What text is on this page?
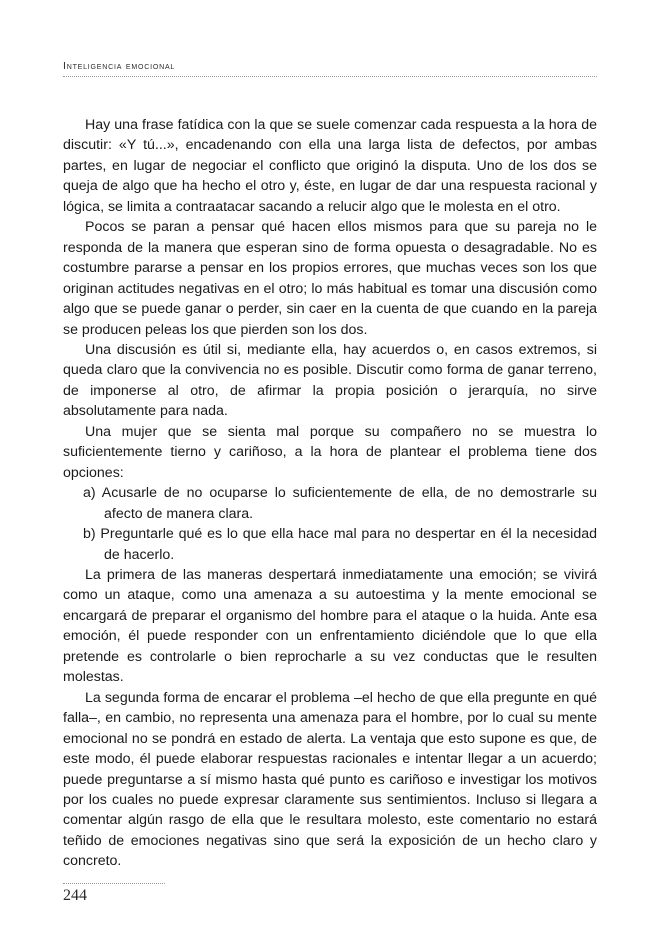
Inteligencia emocional

Hay una frase fatídica con la que se suele comenzar cada respuesta a la hora de discutir: «Y tú...», encadenando con ella una larga lista de defectos, por ambas partes, en lugar de negociar el conflicto que originó la disputa. Uno de los dos se queja de algo que ha hecho el otro y, éste, en lugar de dar una respuesta racional y lógica, se limita a contraatacar sacando a relucir algo que le molesta en el otro.

Pocos se paran a pensar qué hacen ellos mismos para que su pareja no le responda de la manera que esperan sino de forma opuesta o desagradable. No es costumbre pararse a pensar en los propios errores, que muchas veces son los que originan actitudes negativas en el otro; lo más habitual es tomar una discusión como algo que se puede ganar o perder, sin caer en la cuenta de que cuando en la pareja se producen peleas los que pierden son los dos.

Una discusión es útil si, mediante ella, hay acuerdos o, en casos extremos, si queda claro que la convivencia no es posible. Discutir como forma de ganar terreno, de imponerse al otro, de afirmar la propia posición o jerarquía, no sirve absolutamente para nada.

Una mujer que se sienta mal porque su compañero no se muestra lo suficientemente tierno y cariñoso, a la hora de plantear el problema tiene dos opciones:

a) Acusarle de no ocuparse lo suficientemente de ella, de no demostrarle su afecto de manera clara.

b) Preguntarle qué es lo que ella hace mal para no despertar en él la necesidad de hacerlo.

La primera de las maneras despertará inmediatamente una emoción; se vivirá como un ataque, como una amenaza a su autoestima y la mente emocional se encargará de preparar el organismo del hombre para el ataque o la huida. Ante esa emoción, él puede responder con un enfrentamiento diciéndole que lo que ella pretende es controlarle o bien reprocharle a su vez conductas que le resulten molestas.

La segunda forma de encarar el problema –el hecho de que ella pregunte en qué falla–, en cambio, no representa una amenaza para el hombre, por lo cual su mente emocional no se pondrá en estado de alerta. La ventaja que esto supone es que, de este modo, él puede elaborar respuestas racionales e intentar llegar a un acuerdo; puede preguntarse a sí mismo hasta qué punto es cariñoso e investigar los motivos por los cuales no puede expresar claramente sus sentimientos. Incluso si llegara a comentar algún rasgo de ella que le resultara molesto, este comentario no estará teñido de emociones negativas sino que será la exposición de un hecho claro y concreto.

244
